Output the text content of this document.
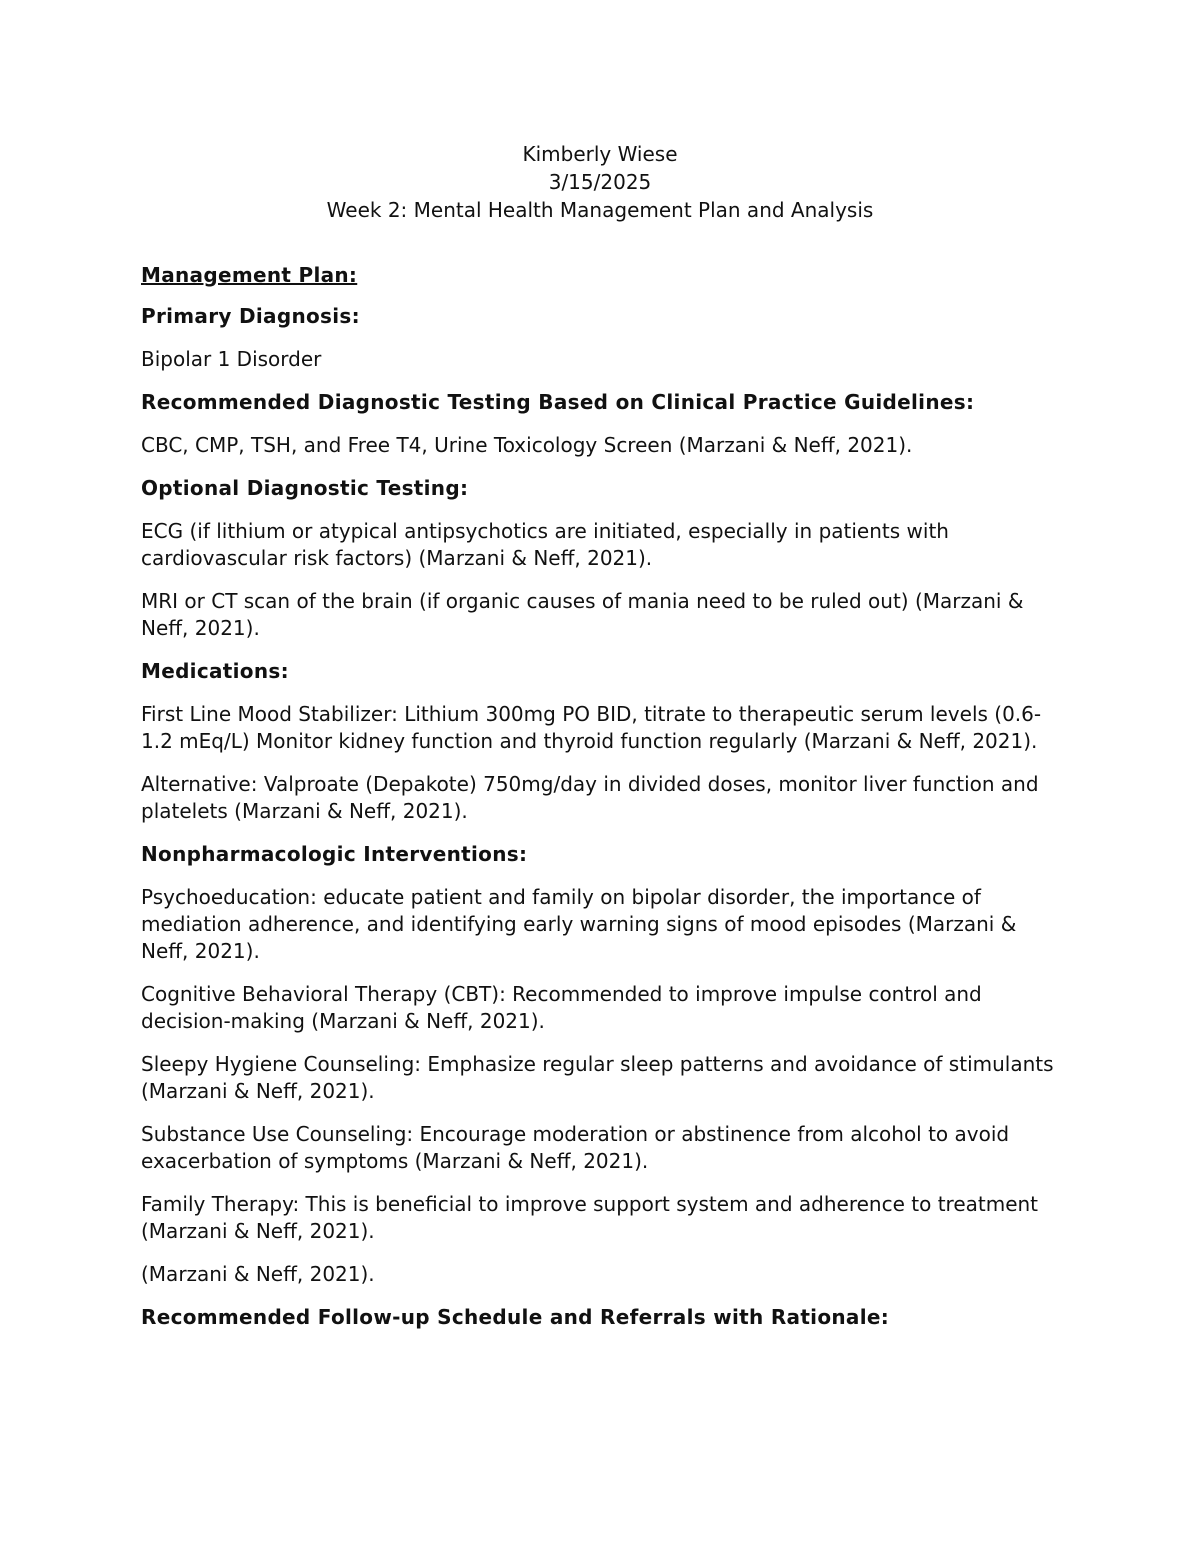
Kimberly Wiese
3/15/2025
Week 2: Mental Health Management Plan and Analysis
Management Plan:
Primary Diagnosis:
Bipolar 1 Disorder
Recommended Diagnostic Testing Based on Clinical Practice Guidelines:
CBC, CMP, TSH, and Free T4, Urine Toxicology Screen (Marzani & Neff, 2021).
Optional Diagnostic Testing:
ECG (if lithium or atypical antipsychotics are initiated, especially in patients with cardiovascular risk factors) (Marzani & Neff, 2021).
MRI or CT scan of the brain (if organic causes of mania need to be ruled out) (Marzani & Neff, 2021).
Medications:
First Line Mood Stabilizer: Lithium 300mg PO BID, titrate to therapeutic serum levels (0.6-1.2 mEq/L) Monitor kidney function and thyroid function regularly (Marzani & Neff, 2021).
Alternative: Valproate (Depakote) 750mg/day in divided doses, monitor liver function and platelets (Marzani & Neff, 2021).
Nonpharmacologic Interventions:
Psychoeducation: educate patient and family on bipolar disorder, the importance of mediation adherence, and identifying early warning signs of mood episodes (Marzani & Neff, 2021).
Cognitive Behavioral Therapy (CBT): Recommended to improve impulse control and decision-making (Marzani & Neff, 2021).
Sleepy Hygiene Counseling: Emphasize regular sleep patterns and avoidance of stimulants (Marzani & Neff, 2021).
Substance Use Counseling: Encourage moderation or abstinence from alcohol to avoid exacerbation of symptoms (Marzani & Neff, 2021).
Family Therapy: This is beneficial to improve support system and adherence to treatment (Marzani & Neff, 2021).
(Marzani & Neff, 2021).
Recommended Follow-up Schedule and Referrals with Rationale:
